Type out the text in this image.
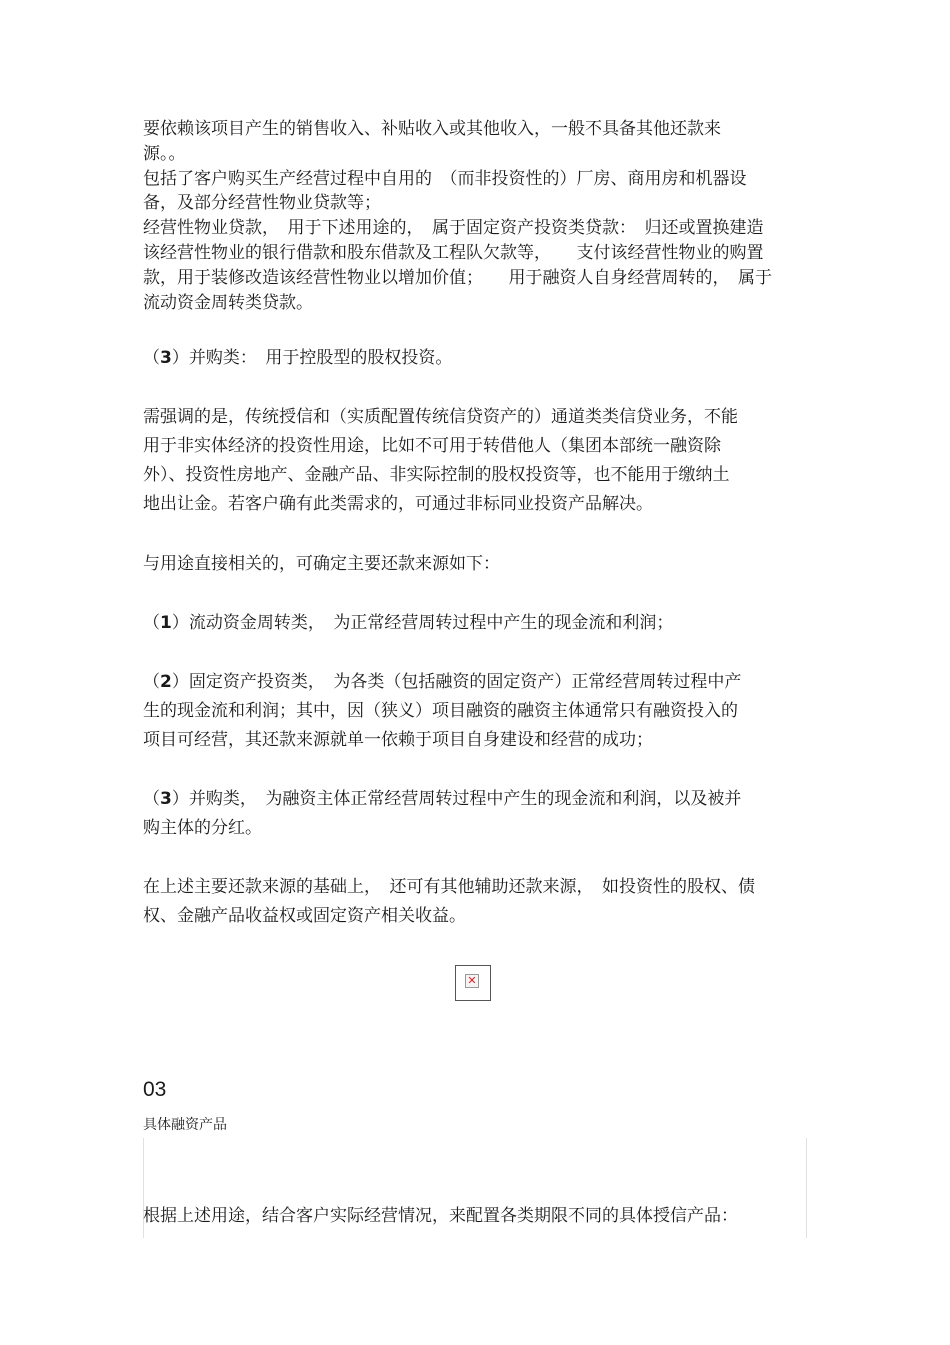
要依赖该项目产生的销售收入、补贴收入或其他收入，一般不具备其他还款来
源。。
包括了客户购买生产经营过程中自用的　（而非投资性的）厂房、商用房和机器设
备，及部分经营性物业贷款等；
经营性物业贷款，　用于下述用途的，　属于固定资产投资类贷款：　归还或置换建造
该经营性物业的银行借款和股东借款及工程队欠款等，　　支付该经营性物业的购置
款，用于装修改造该经营性物业以增加价值；　　用于融资人自身经营周转的，　属于
流动资金周转类贷款。
（3）并购类：　用于控股型的股权投资。
需强调的是，传统授信和（实质配置传统信贷资产的）通道类类信贷业务，不能
用于非实体经济的投资性用途，比如不可用于转借他人（集团本部统一融资除
外）、投资性房地产、金融产品、非实际控制的股权投资等，也不能用于缴纳土
地出让金。若客户确有此类需求的，可通过非标同业投资产品解决。
与用途直接相关的，可确定主要还款来源如下：
（1）流动资金周转类，　为正常经营周转过程中产生的现金流和利润；
（2）固定资产投资类，　为各类（包括融资的固定资产）正常经营周转过程中产
生的现金流和利润；其中，因（狭义）项目融资的融资主体通常只有融资投入的
项目可经营，其还款来源就单一依赖于项目自身建设和经营的成功；
（3）并购类，　为融资主体正常经营周转过程中产生的现金流和利润，以及被并
购主体的分红。
在上述主要还款来源的基础上，　还可有其他辅助还款来源，　如投资性的股权、债
权、金融产品收益权或固定资产相关收益。
✕
03
具体融资产品
根据上述用途，结合客户实际经营情况，来配置各类期限不同的具体授信产品：
